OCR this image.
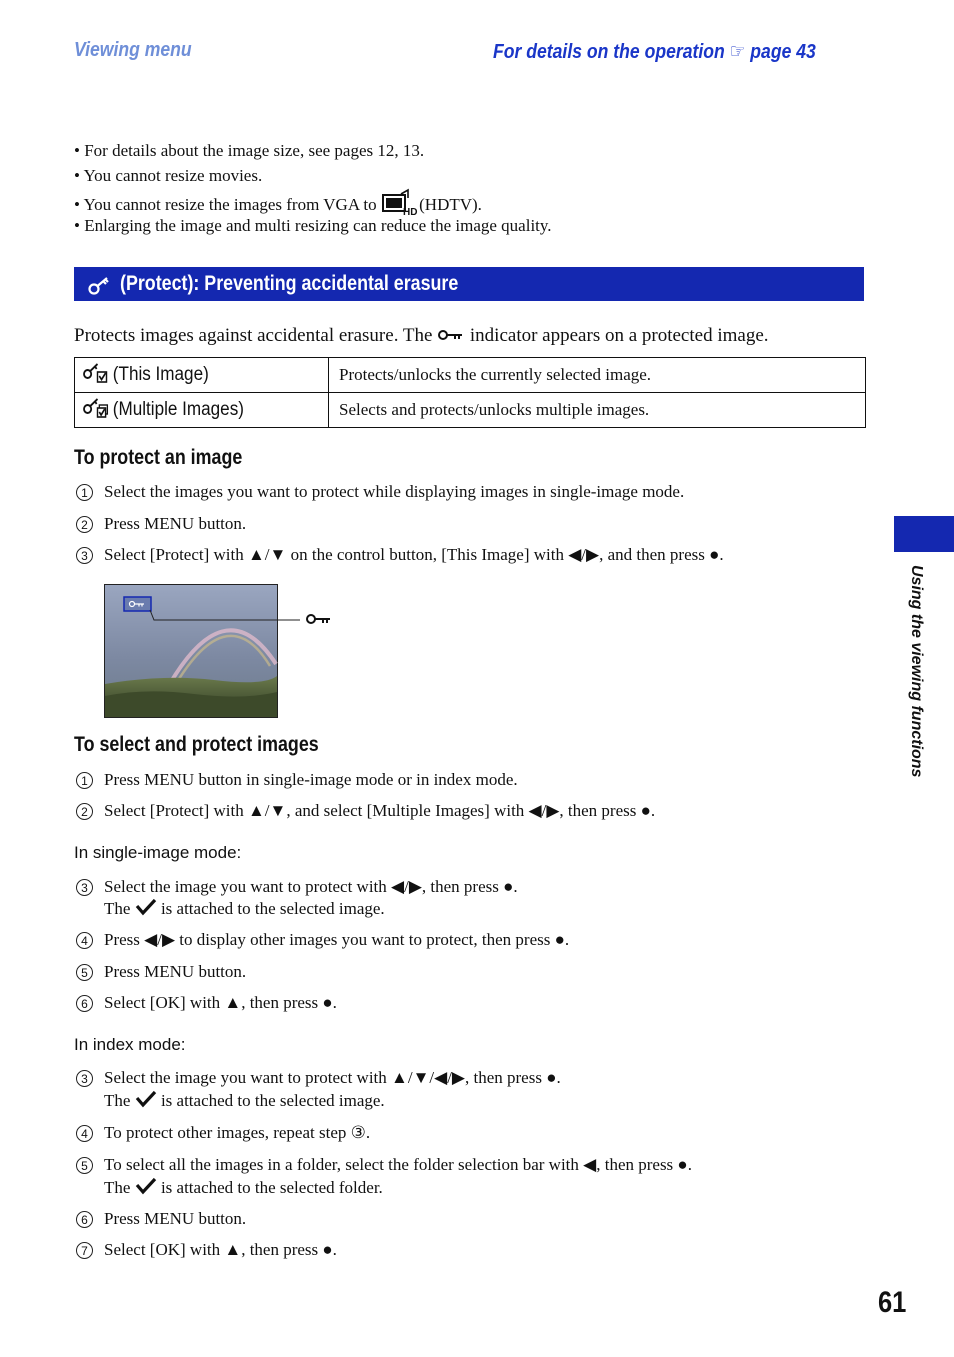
Viewing menu	For details on the operation ☞ page 43
• For details about the image size, see pages 12, 13.
• You cannot resize movies.
• You cannot resize the images from VGA to	HD (HDTV).
• Enlarging the image and multi resizing can reduce the image quality.
(Protect): Preventing accidental erasure
Protects images against accidental erasure. The indicator appears on a protected image.
(This Image)	Protects/unlocks the currently selected image.

(Multiple Images)	Selects and protects/unlocks multiple images.
To protect an image
1 Select the images you want to protect while displaying images in single-image mode.
2 Press MENU button.
3 Select [Protect] with ▲/▼ on the control button, [This Image] with ◀/▶, and then press ●.
To select and protect images
1 Press MENU button in single-image mode or in index mode.
2 Select [Protect] with ▲/▼, and select [Multiple Images] with ◀/▶, then press ●.
In single-image mode:
3 Select the image you want to protect with ◀/▶, then press ●.
The is attached to the selected image.
4 Press ◀/▶ to display other images you want to protect, then press ●.
5 Press MENU button.
6 Select [OK] with ▲, then press ●.
In index mode:
3 Select the image you want to protect with ▲/▼/◀/▶, then press ●.
The is attached to the selected image.
4 To protect other images, repeat step ③.
5 To select all the images in a folder, select the folder selection bar with ◀, then press ●.
The is attached to the selected folder.
6 Press MENU button.
7 Select [OK] with ▲, then press ●.
Using the viewing functions
61
